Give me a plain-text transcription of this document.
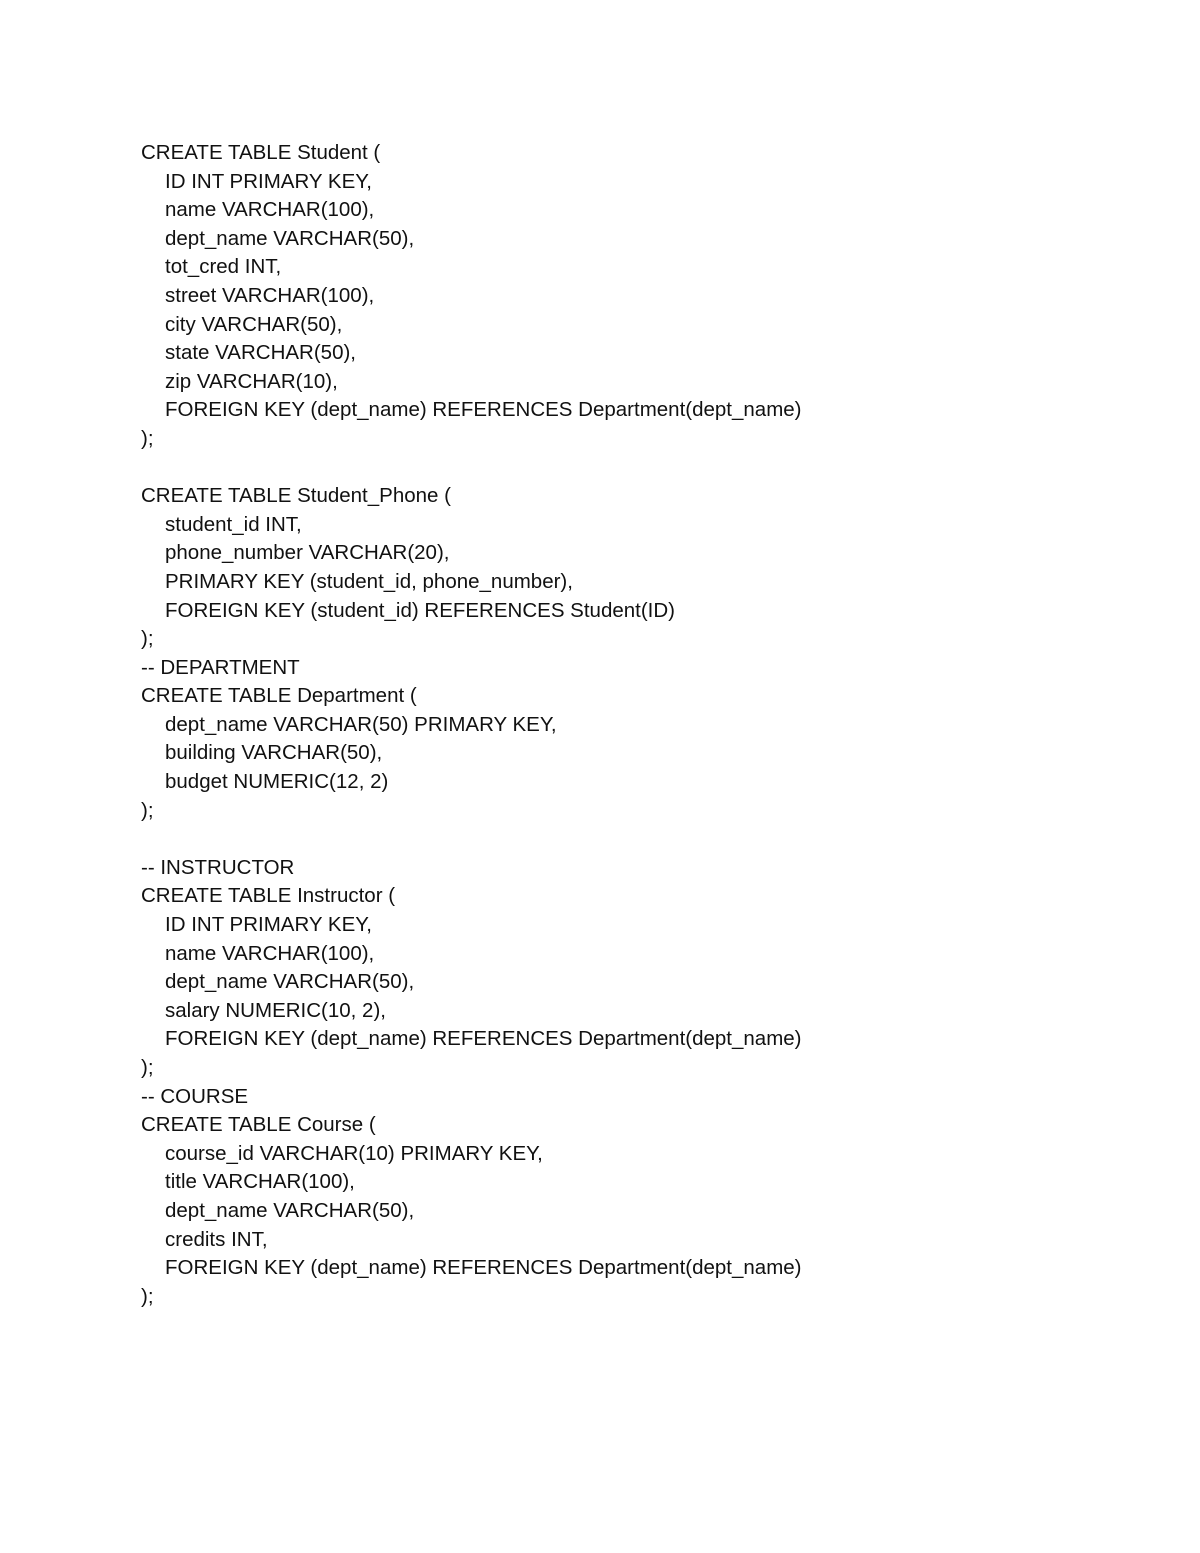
CREATE TABLE Student (
ID INT PRIMARY KEY,
name VARCHAR(100),
dept_name VARCHAR(50),
tot_cred INT,
street VARCHAR(100),
city VARCHAR(50),
state VARCHAR(50),
zip VARCHAR(10),
FOREIGN KEY (dept_name) REFERENCES Department(dept_name)
);
CREATE TABLE Student_Phone (
student_id INT,
phone_number VARCHAR(20),
PRIMARY KEY (student_id, phone_number),
FOREIGN KEY (student_id) REFERENCES Student(ID)
);
-- DEPARTMENT
CREATE TABLE Department (
dept_name VARCHAR(50) PRIMARY KEY,
building VARCHAR(50),
budget NUMERIC(12, 2)
);
-- INSTRUCTOR
CREATE TABLE Instructor (
ID INT PRIMARY KEY,
name VARCHAR(100),
dept_name VARCHAR(50),
salary NUMERIC(10, 2),
FOREIGN KEY (dept_name) REFERENCES Department(dept_name)
);
-- COURSE
CREATE TABLE Course (
course_id VARCHAR(10) PRIMARY KEY,
title VARCHAR(100),
dept_name VARCHAR(50),
credits INT,
FOREIGN KEY (dept_name) REFERENCES Department(dept_name)
);
